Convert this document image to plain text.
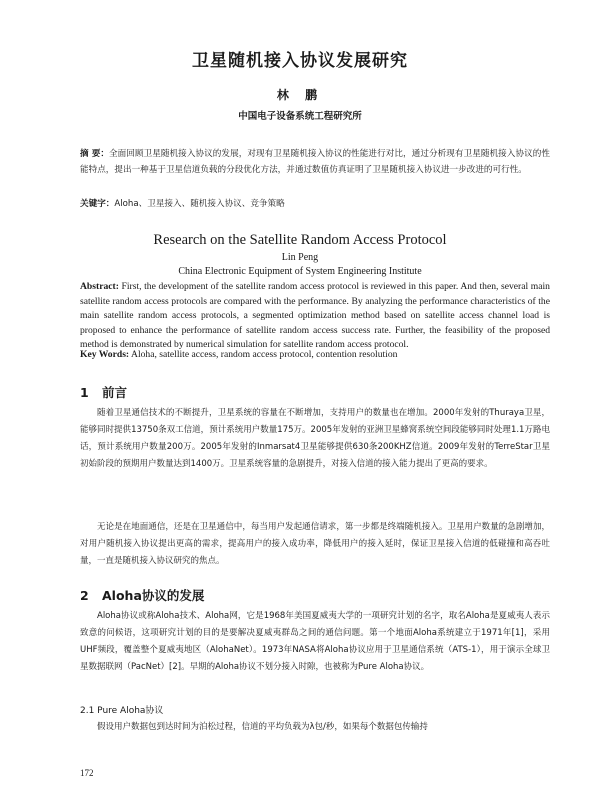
卫星随机接入协议发展研究
林 鹏
中国电子设备系统工程研究所
摘 要：全面回顾卫星随机接入协议的发展，对现有卫星随机接入协议的性能进行对比，通过分析现有卫星随机接入协议的性能特点，提出一种基于卫星信道负载的分段优化方法，并通过数值仿真证明了卫星随机接入协议进一步改进的可行性。
关键字：Aloha、卫星接入、随机接入协议、竞争策略
Research on the Satellite Random Access Protocol
Lin Peng
China Electronic Equipment of System Engineering Institute
Abstract: First, the development of the satellite random access protocol is reviewed in this paper. And then, several main satellite random access protocols are compared with the performance. By analyzing the performance characteristics of the main satellite random access protocols, a segmented optimization method based on satellite access channel load is proposed to enhance the performance of satellite random access success rate. Further, the feasibility of the proposed method is demonstrated by numerical simulation for satellite random access protocol.
Key Words: Aloha, satellite access, random access protocol, contention resolution
1 前言
随着卫星通信技术的不断提升，卫星系统的容量在不断增加，支持用户的数量也在增加。2000年发射的Thuraya卫星，能够同时提供13750条双工信道，预计系统用户数量175万。2005年发射的亚洲卫星蜂窝系统空间段能够同时处理1.1万路电话，预计系统用户数量200万。2005年发射的Inmarsat4卫星能够提供630条200KHZ信道。2009年发射的TerreStar卫星初始阶段的预期用户数量达到1400万。卫星系统容量的急剧提升，对接入信道的接入能力提出了更高的要求。
无论是在地面通信，还是在卫星通信中，每当用户发起通信请求，第一步都是终端随机接入。卫星用户数量的急剧增加，对用户随机接入协议提出更高的需求，提高用户的接入成功率，降低用户的接入延时，保证卫星接入信道的低碰撞和高吞吐量，一直是随机接入协议研究的焦点。
2 Aloha协议的发展
Aloha协议或称Aloha技术、Aloha网，它是1968年美国夏威夷大学的一项研究计划的名字，取名Aloha是夏威夷人表示致意的问候语，这项研究计划的目的是要解决夏威夷群岛之间的通信问题。第一个地面Aloha系统建立于1971年[1]，采用UHF频段，覆盖整个夏威夷地区（AlohaNet）。1973年NASA将Aloha协议应用于卫星通信系统（ATS-1），用于演示全球卫星数据联网（PacNet）[2]。早期的Aloha协议不划分接入时隙，也被称为Pure Aloha协议。
2.1 Pure Aloha协议
假设用户数据包到达时间为泊松过程，信道的平均负载为λ包/秒，如果每个数据包传输持
172
